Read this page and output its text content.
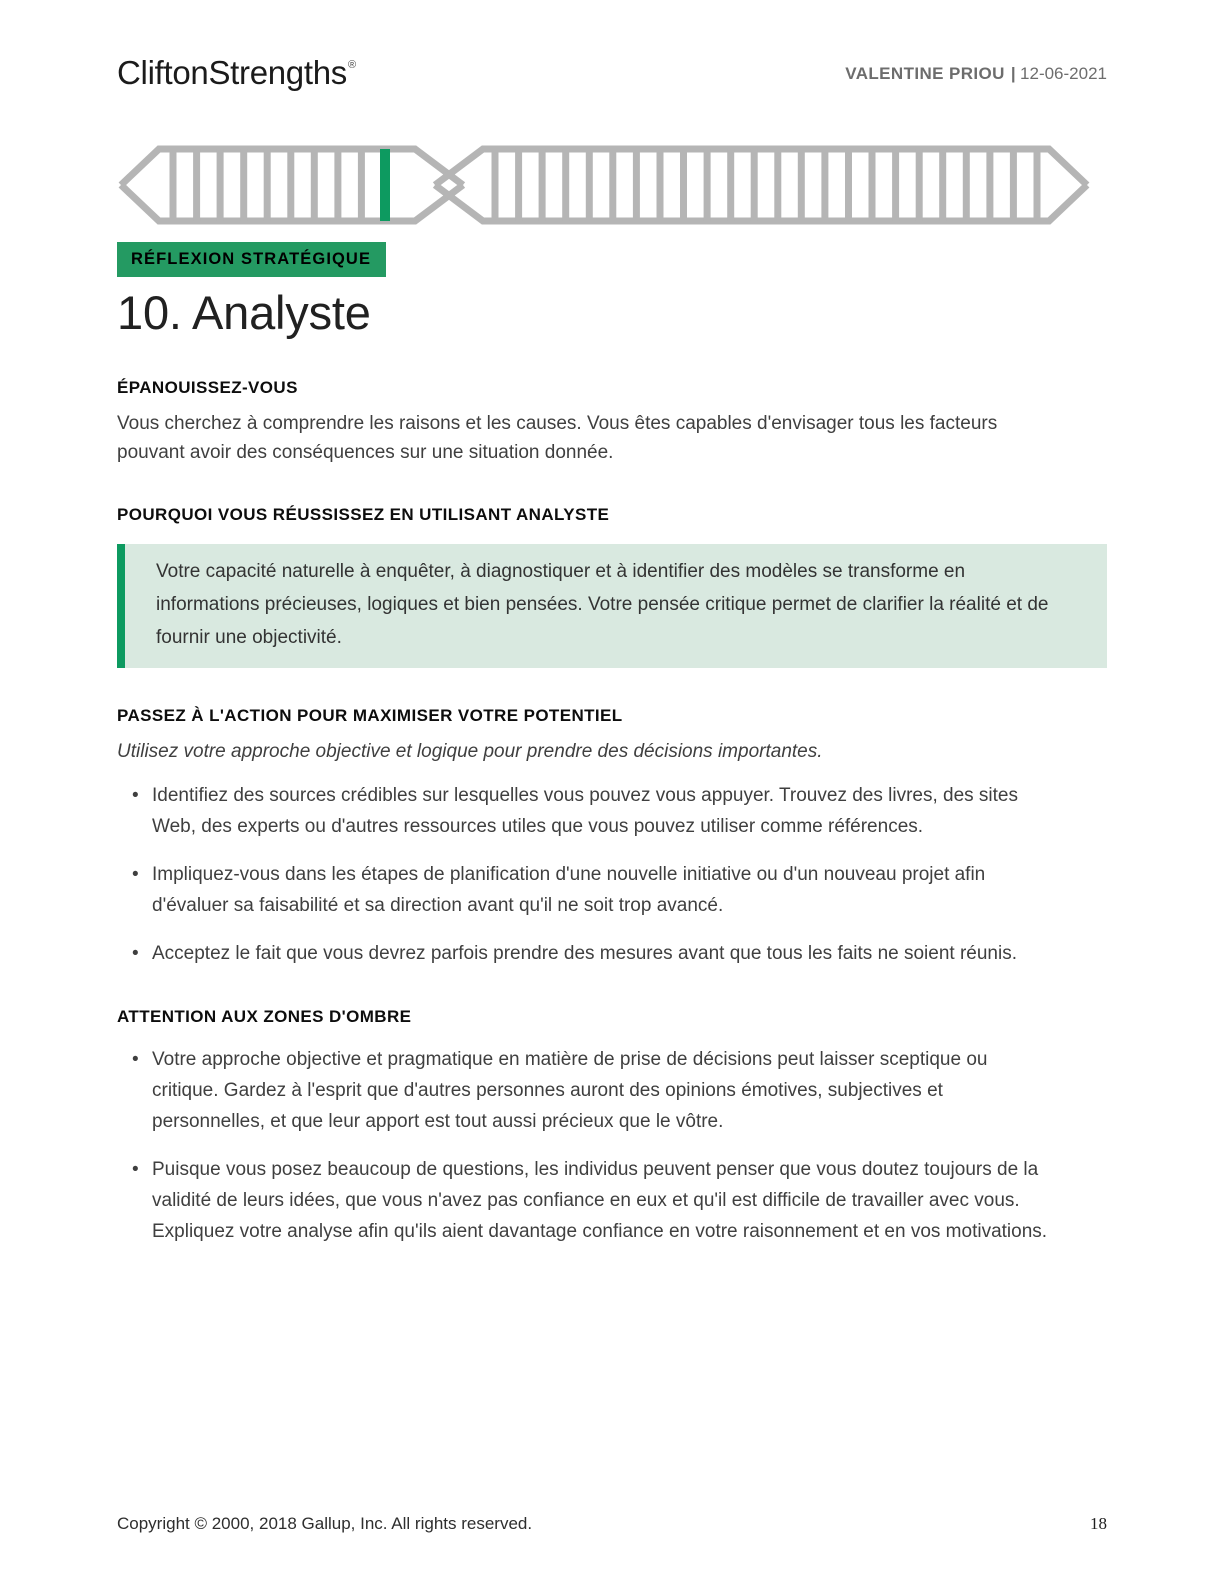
CliftonStrengths®	VALENTINE PRIOU | 12-06-2021
RÉFLEXION STRATÉGIQUE
10. Analyste
ÉPANOUISSEZ-VOUS

Vous cherchez à comprendre les raisons et les causes. Vous êtes capables d'envisager tous les facteurs pouvant avoir des conséquences sur une situation donnée.

POURQUOI VOUS RÉUSSISSEZ EN UTILISANT ANALYSTE
Votre capacité naturelle à enquêter, à diagnostiquer et à identifier des modèles se transforme en informations précieuses, logiques et bien pensées. Votre pensée critique permet de clarifier la réalité et de fournir une objectivité.
PASSEZ À L'ACTION POUR MAXIMISER VOTRE POTENTIEL

Utilisez votre approche objective et logique pour prendre des décisions importantes.

• Identifiez des sources crédibles sur lesquelles vous pouvez vous appuyer. Trouvez des livres, des sites Web, des experts ou d'autres ressources utiles que vous pouvez utiliser comme références.
• Impliquez-vous dans les étapes de planification d'une nouvelle initiative ou d'un nouveau projet afin d'évaluer sa faisabilité et sa direction avant qu'il ne soit trop avancé.
• Acceptez le fait que vous devrez parfois prendre des mesures avant que tous les faits ne soient réunis.
ATTENTION AUX ZONES D'OMBRE
• Votre approche objective et pragmatique en matière de prise de décisions peut laisser sceptique ou critique. Gardez à l'esprit que d'autres personnes auront des opinions émotives, subjectives et personnelles, et que leur apport est tout aussi précieux que le vôtre.
• Puisque vous posez beaucoup de questions, les individus peuvent penser que vous doutez toujours de la validité de leurs idées, que vous n'avez pas confiance en eux et qu'il est difficile de travailler avec vous. Expliquez votre analyse afin qu'ils aient davantage confiance en votre raisonnement et en vos motivations.
Copyright © 2000, 2018 Gallup, Inc. All rights reserved.	18
